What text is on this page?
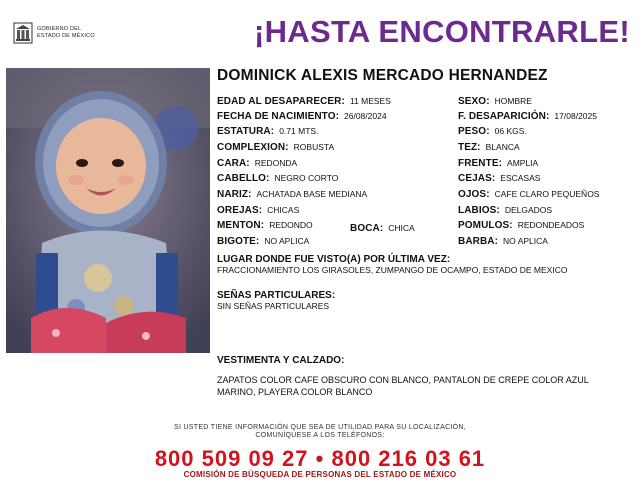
GOBIERNO DEL
ESTADO DE MÉXICO	¡HASTA ENCONTRARLE!
DOMINICK ALEXIS MERCADO HERNANDEZ
EDAD AL DESAPARECER: 11 MESES
FECHA DE NACIMIENTO: 26/08/2024
ESTATURA: 0.71 MTS.
COMPLEXION: ROBUSTA
CARA: REDONDA
CABELLO: NEGRO CORTO
NARIZ: ACHATADA BASE MEDIANA
OREJAS: CHICAS
MENTON: REDONDO	BOCA: CHICA
BIGOTE: NO APLICA
SEXO: HOMBRE
F. DESAPARICIÓN: 17/08/2025
PESO: 06 KGS.
TEZ: BLANCA
FRENTE: AMPLIA
CEJAS: ESCASAS
OJOS: CAFE CLARO PEQUEÑOS
LABIOS: DELGADOS
POMULOS: REDONDEADOS
BARBA: NO APLICA
LUGAR DONDE FUE VISTO(A) POR ÚLTIMA VEZ:
FRACCIONAMIENTO LOS GIRASOLES, ZUMPANGO DE OCAMPO, ESTADO DE MEXICO
SEÑAS PARTICULARES:
SIN SEÑAS PARTICULARES
VESTIMENTA Y CALZADO:
ZAPATOS COLOR CAFE OBSCURO CON BLANCO, PANTALON DE CREPE COLOR AZUL MARINO, PLAYERA COLOR BLANCO
SI USTED TIENE INFORMACIÓN QUE SEA DE UTILIDAD PARA SU LOCALIZACIÓN,
COMUNÍQUESE A LOS TELÉFONOS:
800 509 09 27 • 800 216 03 61
COMISIÓN DE BÚSQUEDA DE PERSONAS DEL ESTADO DE MÉXICO
